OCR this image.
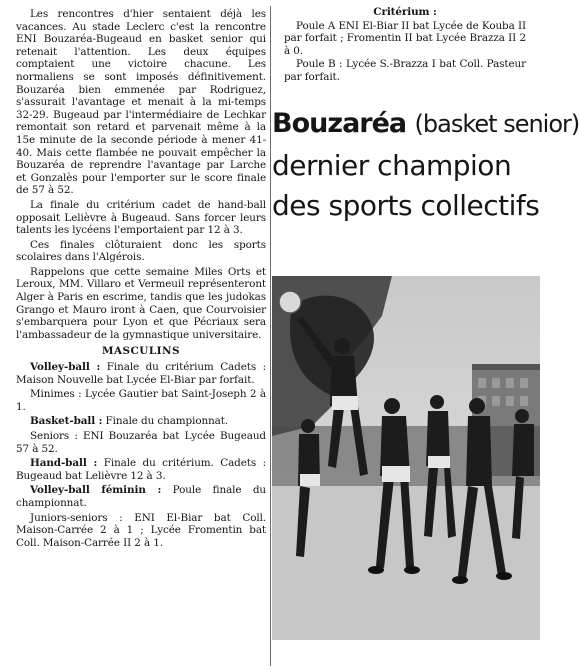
Les rencontres d'hier sentaient déjà les vacances. Au stade Leclerc c'est la rencontre ENI Bouzaréa-Bugeaud en basket senior qui retenait l'attention. Les deux équipes comptaient une victoire chacune. Les normaliens se sont imposés définitivement. Bouzaréa bien emmenée par Rodriguez, s'assurait l'avantage et menait à la mi-temps 32-29. Bugeaud par l'intermédiaire de Lechkar remontait son retard et parvenait même à la 15e minute de la seconde période à mener 41-40. Mais cette flambée ne pouvait empêcher la Bouzaréa de reprendre l'avantage par Larche et Gonzalès pour l'emporter sur le score finale de 57 à 52.

La finale du critérium cadet de hand-ball opposait Lelièvre à Bugeaud. Sans forcer leurs talents les lycéens l'emportaient par 12 à 3.

Ces finales clôturaient donc les sports scolaires dans l'Algérois.

Rappelons que cette semaine Miles Orts et Leroux, MM. Villaro et Vermeuil représenteront Alger à Paris en escrime, tandis que les judokas Grango et Mauro iront à Caen, que Courvoisier s'embarquera pour Lyon et que Pécriaux sera l'ambassadeur de la gymnastique universitaire.

MASCULINS
Volley-ball : Finale du critérium Cadets : Maison Nouvelle bat Lycée El-Biar par forfait.
Minimes : Lycée Gautier bat Saint-Joseph 2 à 1.
Basket-ball : Finale du championnat.
Seniors : ENI Bouzaréa bat Lycée Bugeaud 57 à 52.
Hand-ball : Finale du critérium. Cadets : Bugeaud bat Lelièvre 12 à 3.
Volley-ball féminin : Poule finale du championnat.
Juniors-seniors : ENI El-Biar bat Coll. Maison-Carrée 2 à 1 ; Lycée Fromentin bat Coll. Maison-Carrée II 2 à 1.

Critérium :

Poule A ENI El-Biar II bat Lycée de Kouba II par forfait ; Fromentin II bat Lycée Brazza II 2 à 0.

Poule B : Lycée S.-Brazza I bat Coll. Pasteur par forfait.

Bouzaréa (basket senior)
dernier champion
des sports collectifs
